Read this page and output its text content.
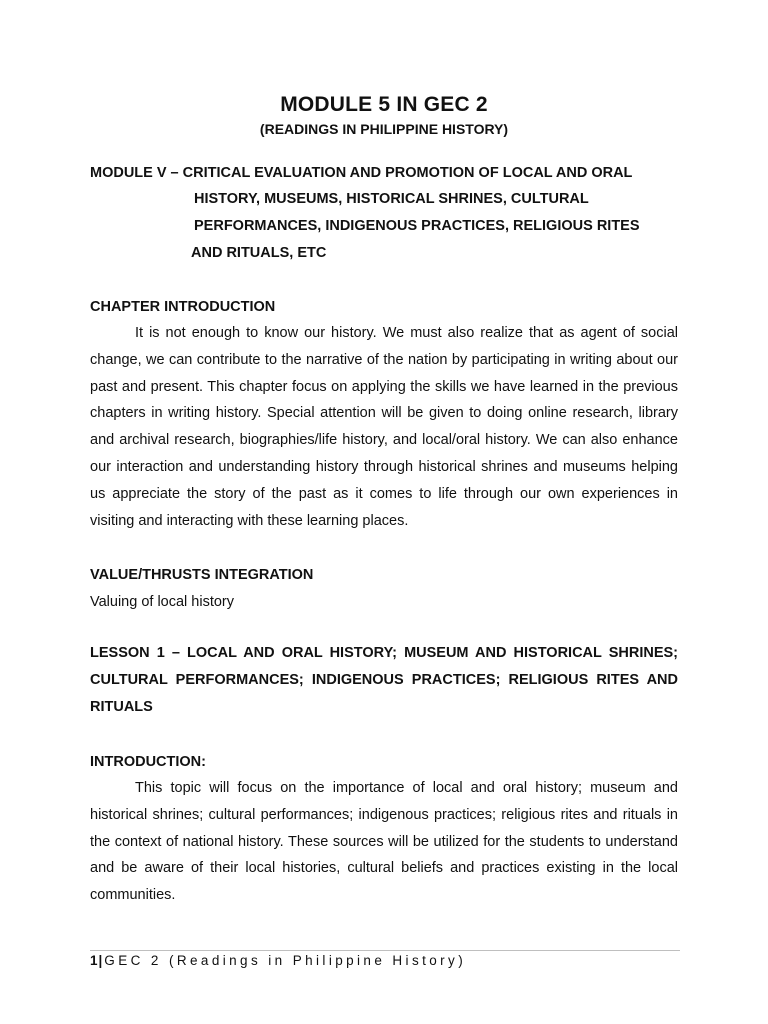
MODULE 5 IN GEC 2
(READINGS IN PHILIPPINE HISTORY)
MODULE V – CRITICAL EVALUATION AND PROMOTION OF LOCAL AND ORAL
HISTORY, MUSEUMS, HISTORICAL SHRINES, CULTURAL
PERFORMANCES, INDIGENOUS PRACTICES, RELIGIOUS RITES
AND RITUALS, ETC
CHAPTER INTRODUCTION

It is not enough to know our history. We must also realize that as agent of social change, we can contribute to the narrative of the nation by participating in writing about our past and present. This chapter focus on applying the skills we have learned in the previous chapters in writing history. Special attention will be given to doing online research, library and archival research, biographies/life history, and local/oral history. We can also enhance our interaction and understanding history through historical shrines and museums helping us appreciate the story of the past as it comes to life through our own experiences in visiting and interacting with these learning places.

VALUE/THRUSTS INTEGRATION
Valuing of local history

LESSON 1 – LOCAL AND ORAL HISTORY; MUSEUM AND HISTORICAL SHRINES; CULTURAL PERFORMANCES; INDIGENOUS PRACTICES; RELIGIOUS RITES AND RITUALS

INTRODUCTION:

This topic will focus on the importance of local and oral history; museum and historical shrines; cultural performances; indigenous practices; religious rites and rituals in the context of national history. These sources will be utilized for the students to understand and be aware of their local histories, cultural beliefs and practices existing in the local communities.

1| GEC 2 (Readings in Philippine History)
